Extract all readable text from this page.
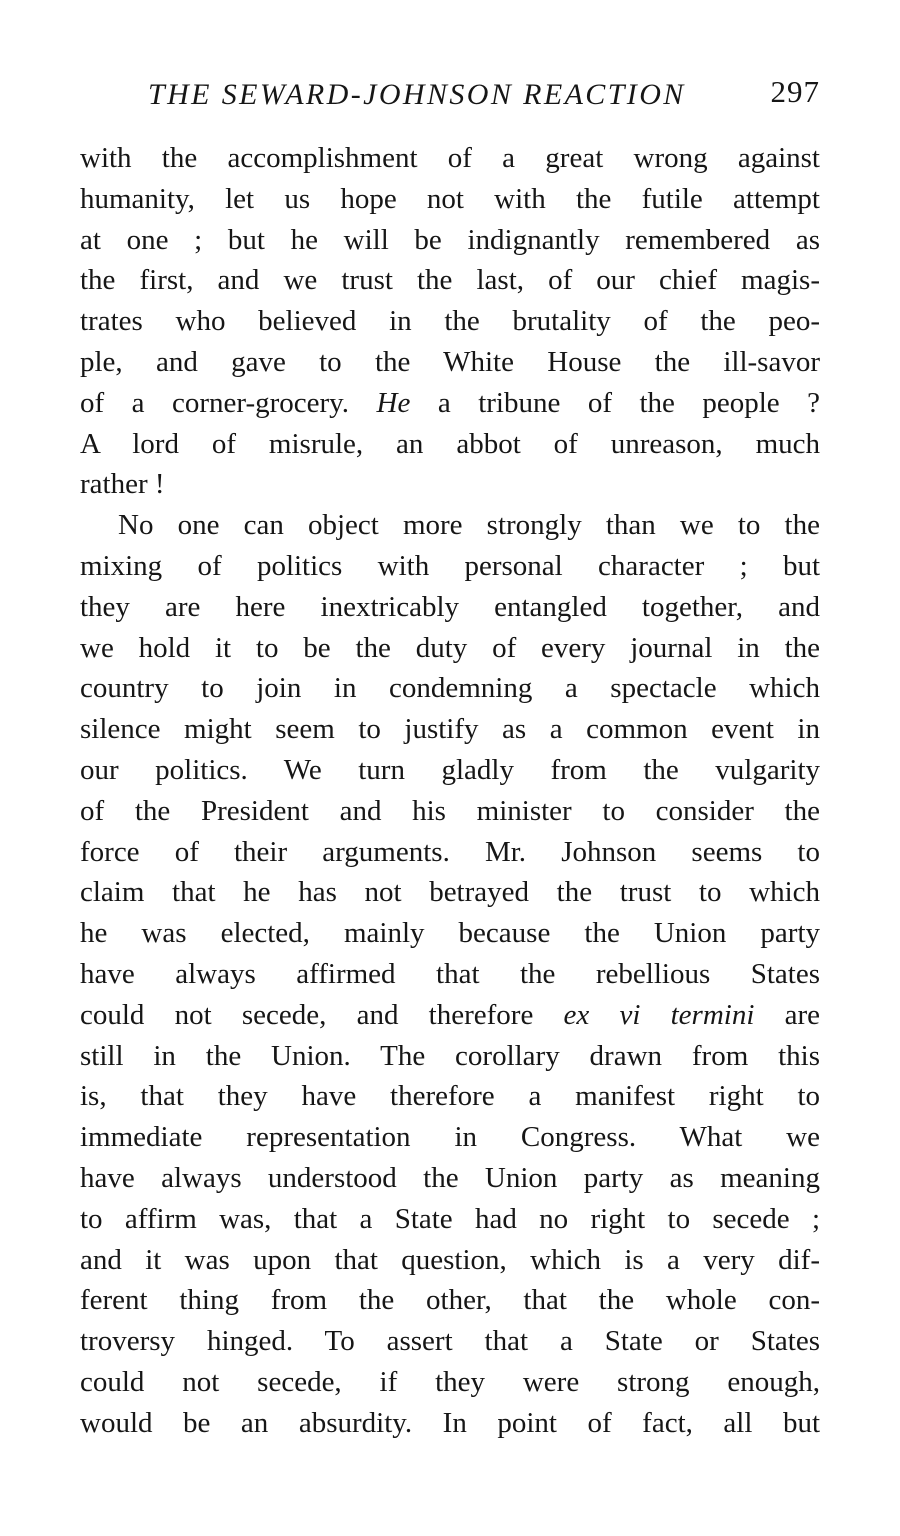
THE SEWARD-JOHNSON REACTION	297
with the accomplishment of a great wrong against
humanity, let us hope not with the futile attempt
at one ; but he will be indignantly remembered as
the first, and we trust the last, of our chief magis-
trates who believed in the brutality of the peo-
ple, and gave to the White House the ill-savor
of a corner-grocery. He a tribune of the people ?
A lord of misrule, an abbot of unreason, much
rather !
No one can object more strongly than we to the
mixing of politics with personal character ; but
they are here inextricably entangled together, and
we hold it to be the duty of every journal in the
country to join in condemning a spectacle which
silence might seem to justify as a common event in
our politics. We turn gladly from the vulgarity
of the President and his minister to consider the
force of their arguments. Mr. Johnson seems to
claim that he has not betrayed the trust to which
he was elected, mainly because the Union party
have always affirmed that the rebellious States
could not secede, and therefore ex vi termini are
still in the Union. The corollary drawn from this
is, that they have therefore a manifest right to
immediate representation in Congress. What we
have always understood the Union party as meaning
to affirm was, that a State had no right to secede ;
and it was upon that question, which is a very dif-
ferent thing from the other, that the whole con-
troversy hinged. To assert that a State or States
could not secede, if they were strong enough,
would be an absurdity. In point of fact, all but
